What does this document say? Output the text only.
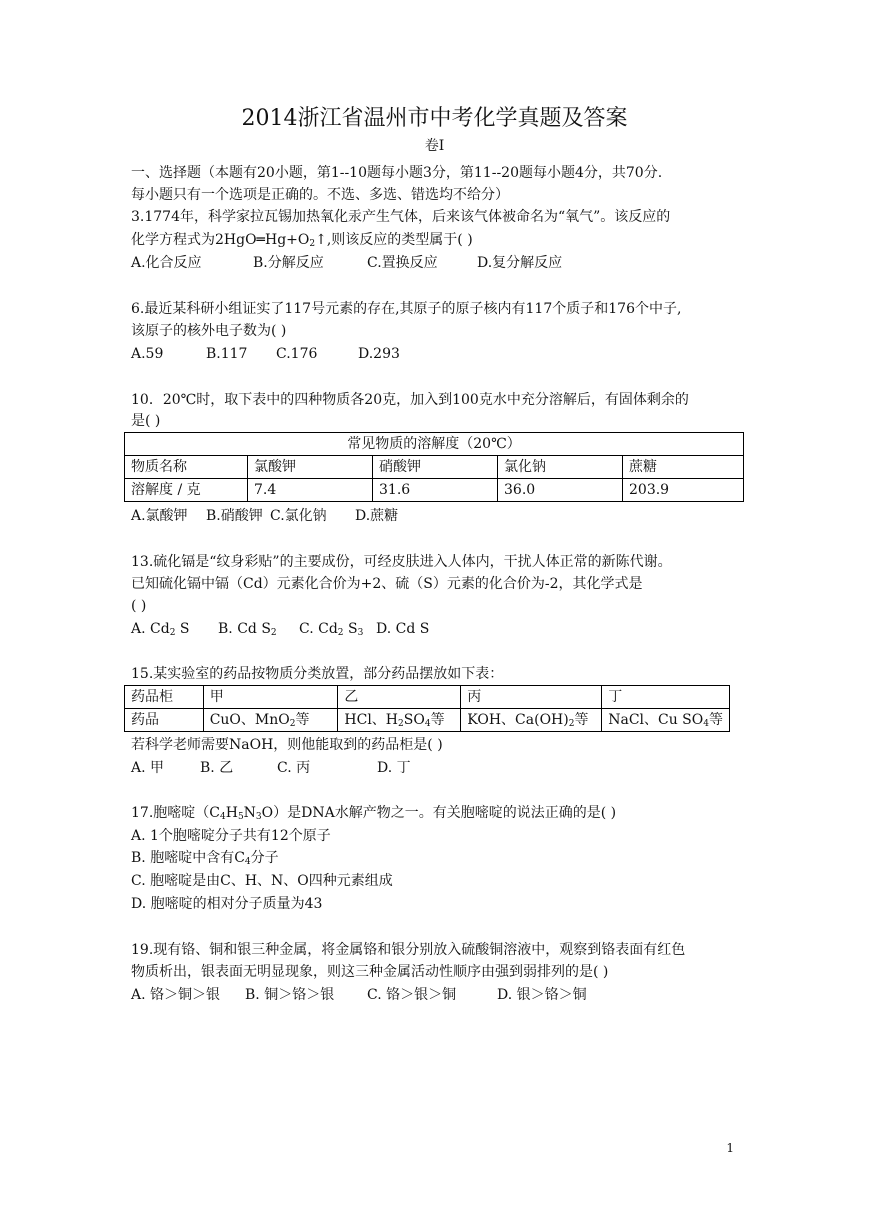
2014浙江省温州市中考化学真题及答案
卷Ⅰ
一、选择题（本题有20小题，第1--10题每小题3分，第11--20题每小题4分，共70分.
每小题只有一个选项是正确的。不选、多选、错选均不给分）
3.1774年，科学家拉瓦锡加热氧化汞产生气体，后来该气体被命名为“氧气”。该反应的
化学方程式为$2HgO═Hg+O_2↑$,则该反应的类型属于( )
A.化合反应	B.分解反应	C.置换反应	D.复分解反应
6.最近某科研小组证实了117号元素的存在,其原子的原子核内有117个质子和176个中子,
该原子的核外电子数为( )
A.59	B.117 C.176	D.293
10．20℃时，取下表中的四种物质各20克，加入到100克水中充分溶解后，有固体剩余的
是( )
常见物质的溶解度（20℃）				
物质名称	氯酸钾	硝酸钾	氯化钠	蔗糖
溶解度 / 克	7.4	31.6	36.0	203.9
A.氯酸钾 B.硝酸钾 C.氯化钠 D.蔗糖
13.硫化镉是“纹身彩贴”的主要成份，可经皮肤进入人体内，干扰人体正常的新陈代谢。
已知硫化镉中镉（Cd）元素化合价为+2、硫（S）元素的化合价为-2，其化学式是
( )
A. $Cd_2$ S B. Cd $S_2$ C. $Cd_2$ $S_3$ D. Cd S
15.某实验室的药品按物质分类放置，部分药品摆放如下表：
药品柜	甲	乙	丙	丁
药品	CuO、MnO$_2$等	HCl、$H_2SO_4$等	KOH、$Ca(OH)_2$等	NaCl、Cu $SO_4$等
若科学老师需要NaOH，则他能取到的药品柜是( )
A. 甲	B. 乙	C. 丙	D. 丁
17.胞嘧啶$(C_4H_5N_3O)$是DNA水解产物之一。有关胞嘧啶的说法正确的是( )
A. 1个胞嘧啶分子共有12个原子
B. 胞嘧啶中含有$C_4$分子
C. 胞嘧啶是由C、H、N、O四种元素组成
D. 胞嘧啶的相对分子质量为43
19.现有铬、铜和银三种金属，将金属铬和银分别放入硫酸铜溶液中，观察到铬表面有红色
物质析出，银表面无明显现象，则这三种金属活动性顺序由强到弱排列的是( )
A. 铬＞铜＞银 B. 铜＞铬＞银 C. 铬＞银＞铜	D. 银＞铬＞铜
1
